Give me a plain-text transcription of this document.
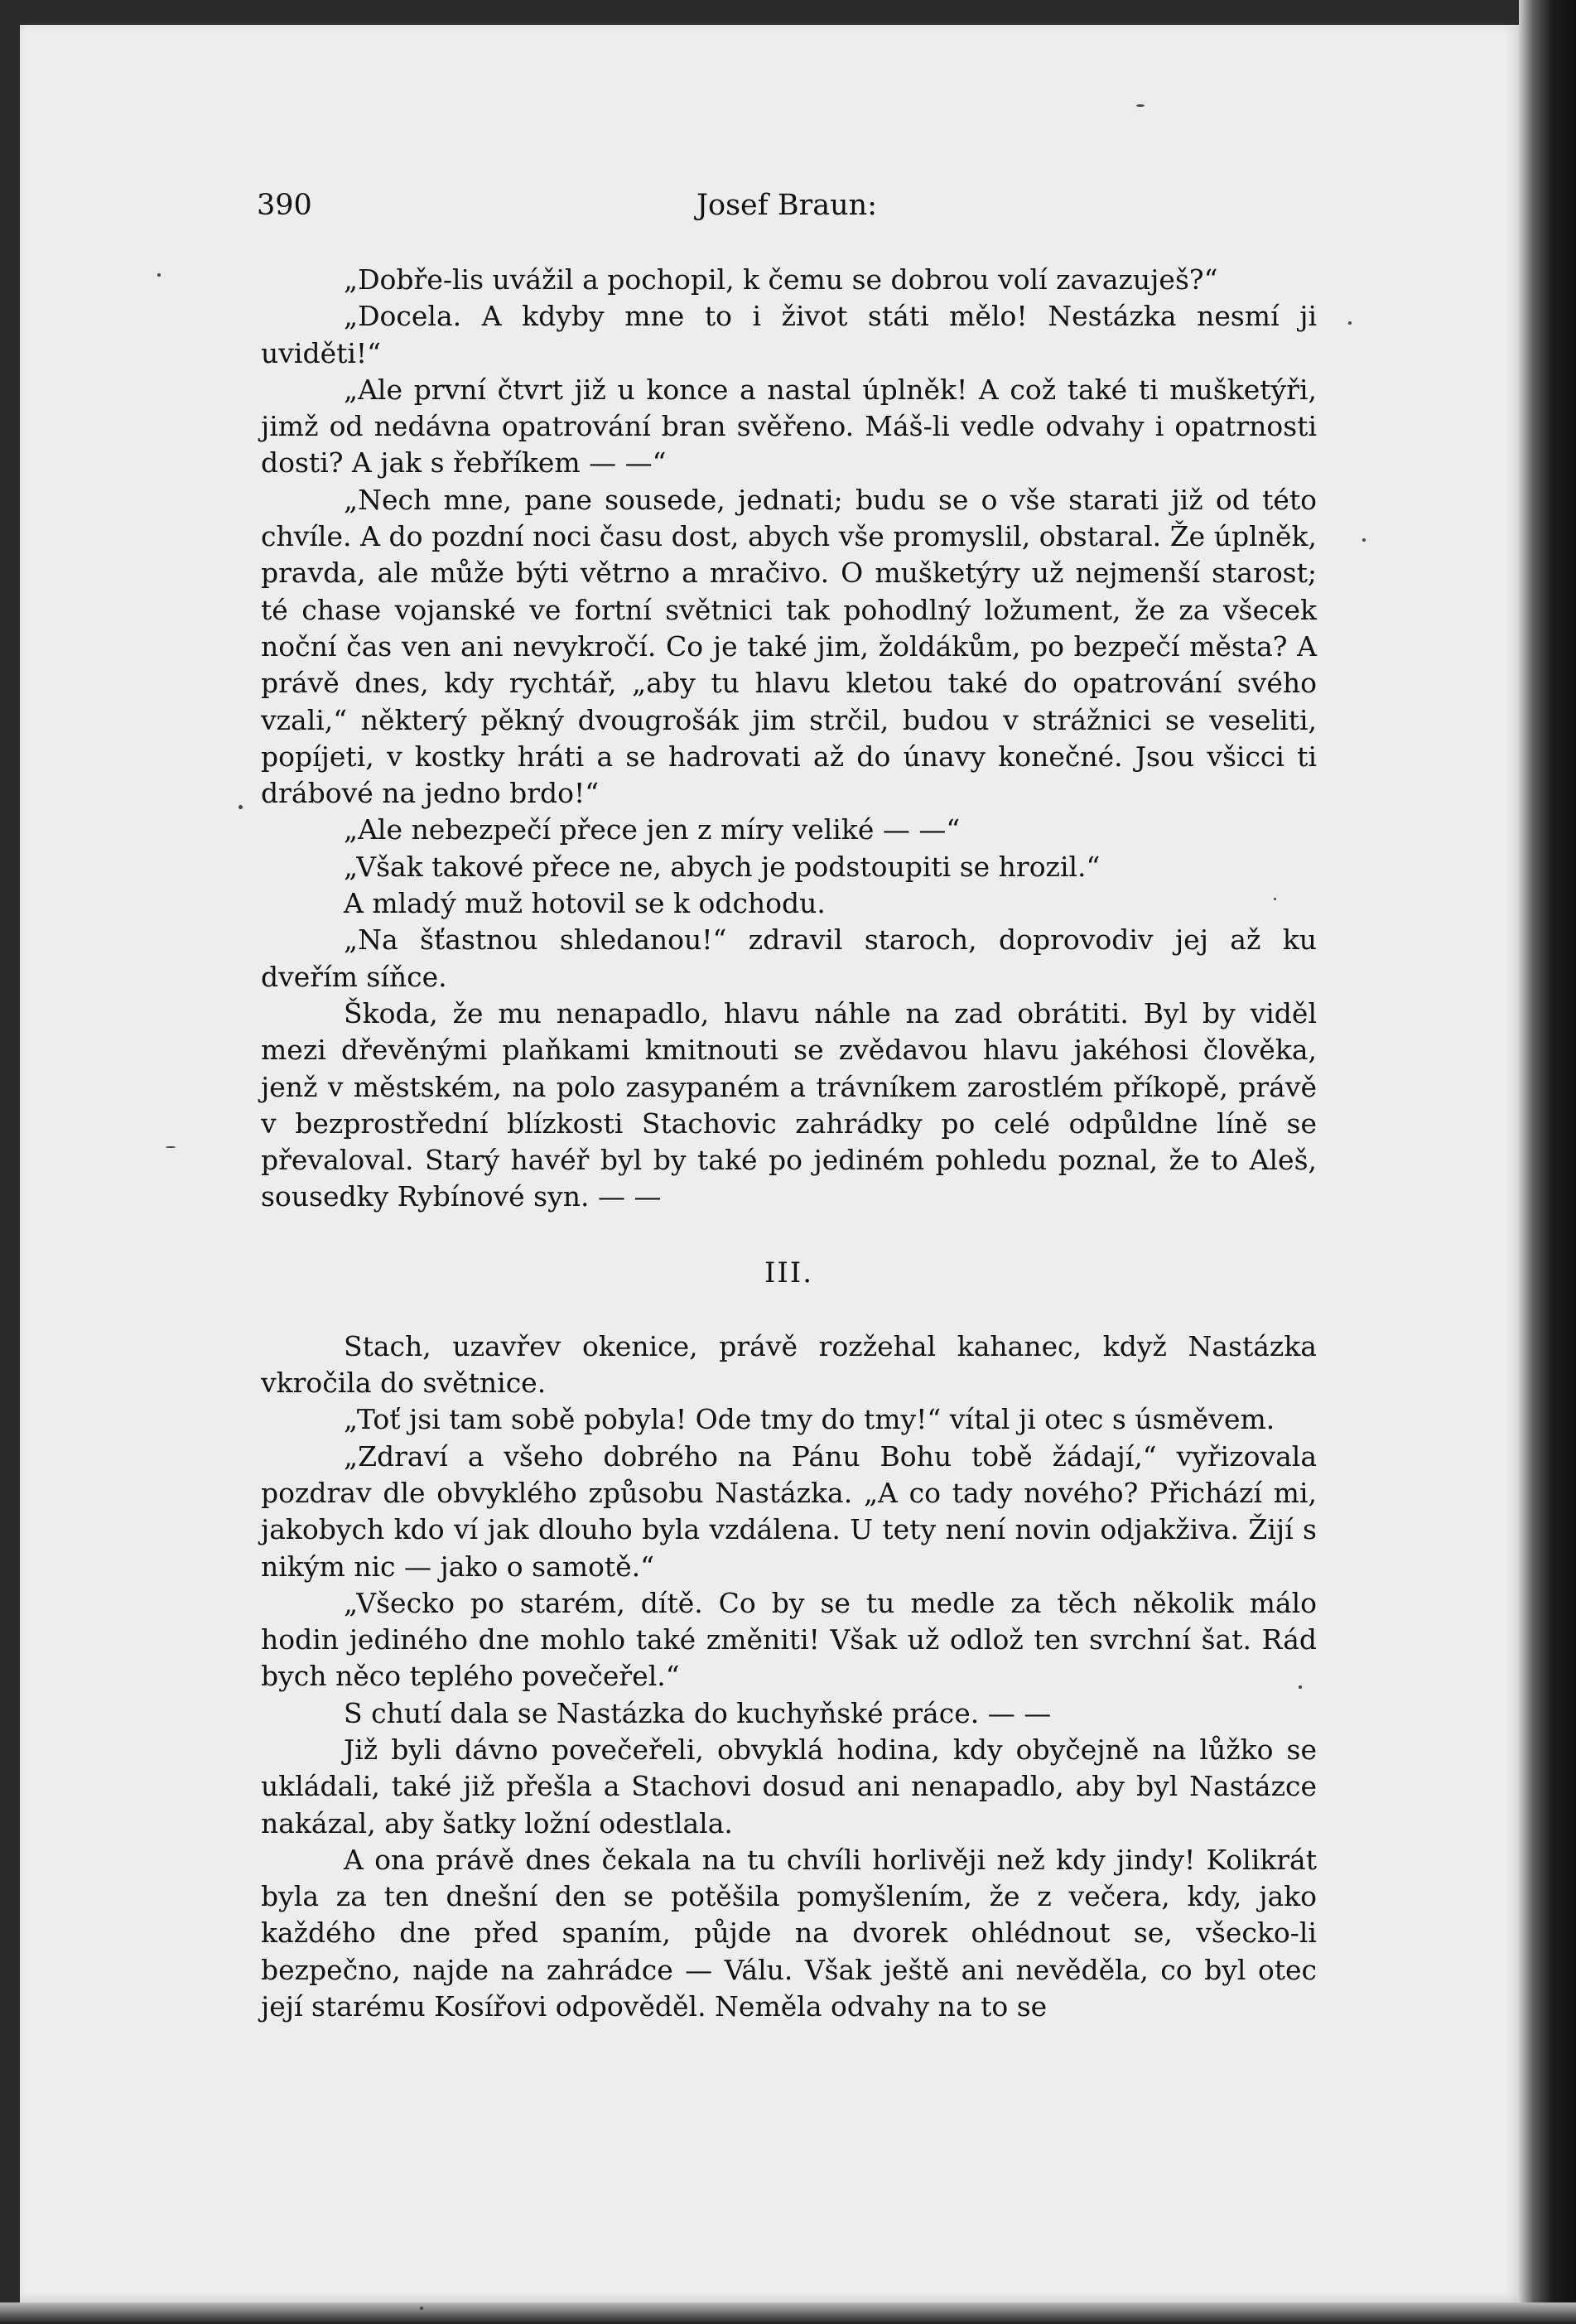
390	Josef Braun:

„Dobře-lis uvážil a pochopil, k čemu se dobrou volí zavazuješ?“

„Docela. A kdyby mne to i život státi mělo! Nestázka nesmí ji uviděti!“

„Ale první čtvrt již u konce a nastal úplněk! A což také ti mušketýři, jimž od nedávna opatrování bran svěřeno. Máš-li vedle odvahy i opatrnosti dosti? A jak s řebříkem — —“

„Nech mne, pane sousede, jednati; budu se o vše starati již od této chvíle. A do pozdní noci času dost, abych vše promyslil, obstaral. Že úplněk, pravda, ale může býti větrno a mračivo. O mušketýry už nejmenší starost; té chase vojanské ve fortní světnici tak pohodlný ložument, že za všecek noční čas ven ani nevykročí. Co je také jim, žoldákům, po bezpečí města? A právě dnes, kdy rychtář, „aby tu hlavu kletou také do opatrování svého vzali,“ některý pěkný dvougrošák jim strčil, budou v strážnici se veseliti, popíjeti, v kostky hráti a se hadrovati až do únavy konečné. Jsou všicci ti drábové na jedno brdo!“

„Ale nebezpečí přece jen z míry veliké — —“

„Však takové přece ne, abych je podstoupiti se hrozil.“

A mladý muž hotovil se k odchodu.

„Na šťastnou shledanou!“ zdravil staroch, doprovodiv jej až ku dveřím síňce.

Škoda, že mu nenapadlo, hlavu náhle na zad obrátiti. Byl by viděl mezi dřevěnými plaňkami kmitnouti se zvědavou hlavu jakéhosi člověka, jenž v městském, na polo zasypaném a trávníkem zarostlém příkopě, právě v bezprostřední blízkosti Stachovic zahrádky po celé odpůldne líně se převaloval. Starý havéř byl by také po jediném pohledu poznal, že to Aleš, sousedky Rybínové syn. — —

III.

Stach, uzavřev okenice, právě rozžehal kahanec, když Nastázka vkročila do světnice.

„Toť jsi tam sobě pobyla! Ode tmy do tmy!“ vítal ji otec s úsměvem.

„Zdraví a všeho dobrého na Pánu Bohu tobě žádají,“ vyřizovala pozdrav dle obvyklého způsobu Nastázka. „A co tady nového? Přichází mi, jakobych kdo ví jak dlouho byla vzdálena. U tety není novin odjakživa. Žijí s nikým nic — jako o samotě.“

„Všecko po starém, dítě. Co by se tu medle za těch několik málo hodin jediného dne mohlo také změniti! Však už odlož ten svrchní šat. Rád bych něco teplého povečeřel.“

S chutí dala se Nastázka do kuchyňské práce. — —

Již byli dávno povečeřeli, obvyklá hodina, kdy obyčejně na lůžko se ukládali, také již přešla a Stachovi dosud ani nenapadlo, aby byl Nastázce nakázal, aby šatky ložní odestlala.

A ona právě dnes čekala na tu chvíli horlivěji než kdy jindy! Kolikrát byla za ten dnešní den se potěšila pomyšlením, že z večera, kdy, jako každého dne před spaním, půjde na dvorek ohlédnout se, všecko-li bezpečno, najde na zahrádce — Válu. Však ještě ani nevěděla, co byl otec její starému Kosířovi odpověděl. Neměla odvahy na to se
